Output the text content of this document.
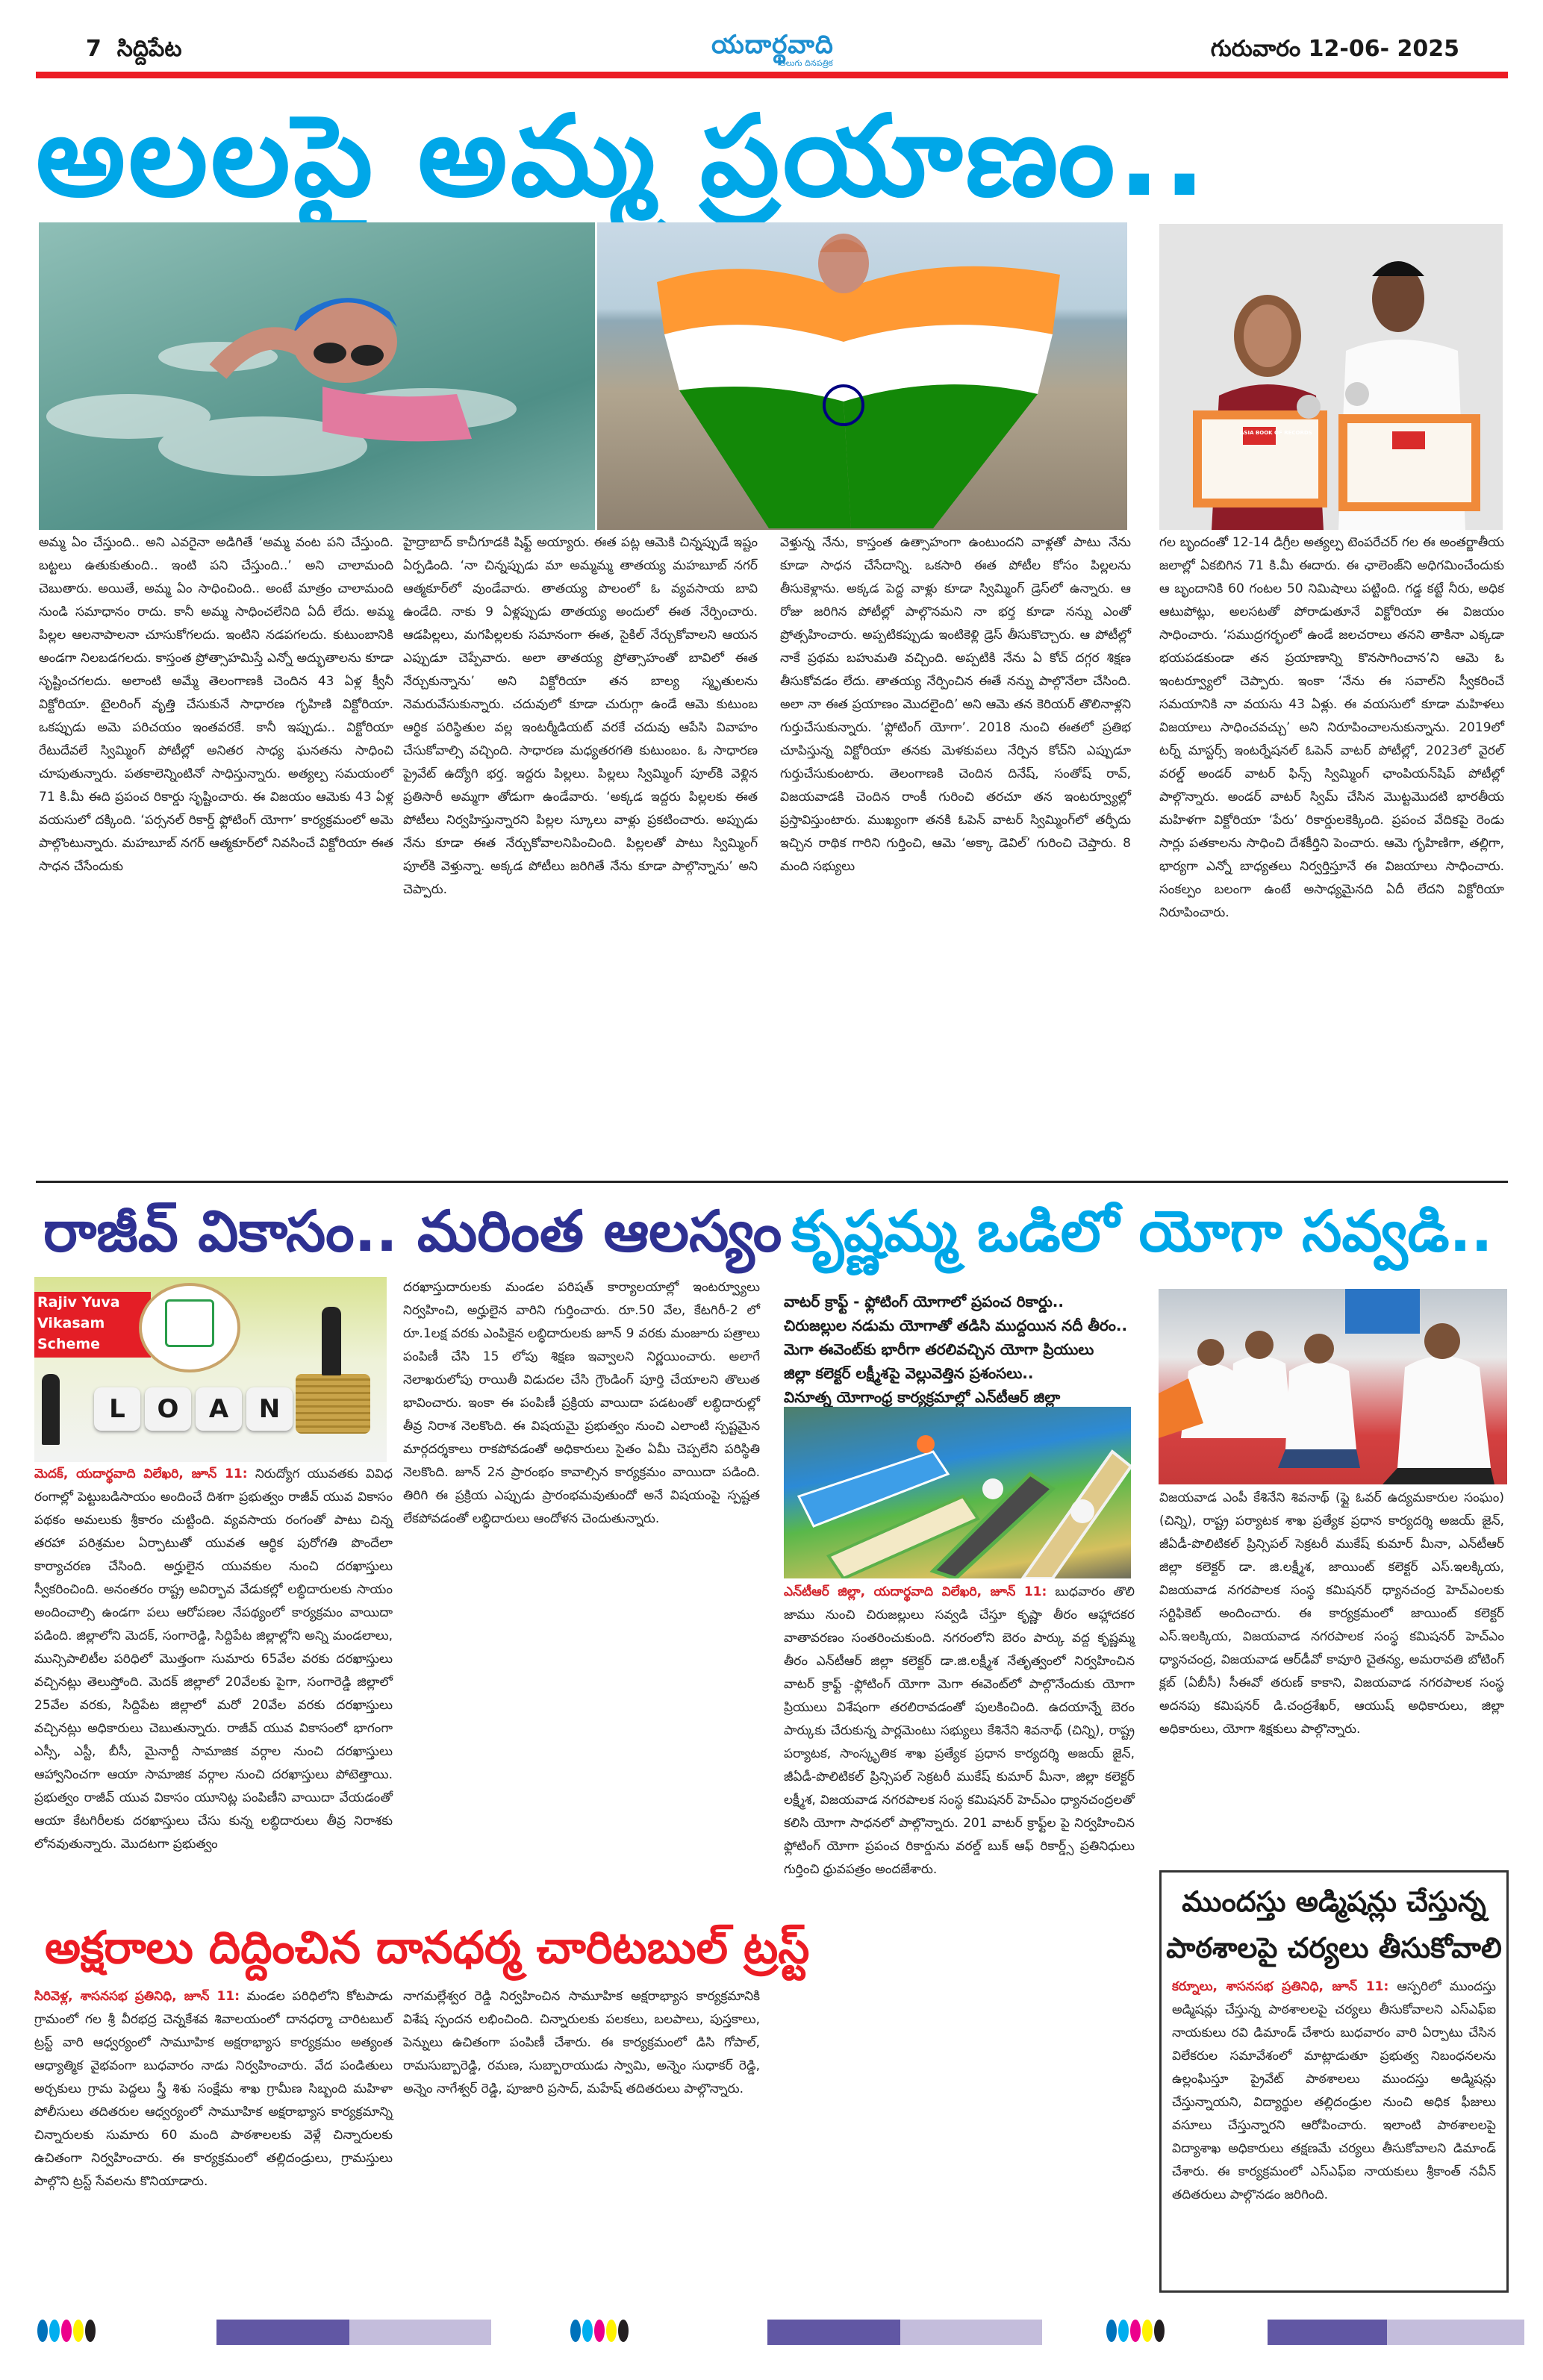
7 సిద్దిపేట	యదార్థవాది
తెలుగు దినపత్రిక
గురువారం 12-06- 2025
అలలపై అమ్మ ప్రయాణం..
ASIA BOOK OF RECORDS

అమ్మ ఏం చేస్తుంది.. అని ఎవరైనా అడిగితే ‘అమ్మ వంట పని చేస్తుంది. బట్టలు ఉతుకుతుంది.. ఇంటి పని చేస్తుంది..’ అని చాలామంది చెబుతారు. అయితే, అమ్మ ఏం సాధించింది.. అంటే మాత్రం చాలామంది నుండి సమాధానం రాదు. కానీ అమ్మ సాధించలేనిది ఏదీ లేదు. అమ్మ పిల్లల ఆలనాపాలనా చూసుకోగలదు. ఇంటిని నడపగలదు. కుటుంబానికి అండగా నిలబడగలదు. కాస్తంత ప్రోత్సాహమిస్తే ఎన్నో అద్భుతాలను కూడా సృష్టించగలదు. అలాంటి అమ్మే తెలంగాణకి చెందిన 43 ఏళ్ల క్వీనీ విక్టోరియా. టైలరింగ్ వృత్తి చేసుకునే సాధారణ గృహిణి విక్టోరియా. ఒకప్పుడు అమె పరిచయం ఇంతవరకే. కానీ ఇప్పుడు.. విక్టోరియా రేటుదేవలే స్విమ్మింగ్ పోటీల్లో అనితర సాధ్య ఘనతను సాధించి చూపుతున్నారు. పతకాలెన్నింటినో సాధిస్తున్నారు. అత్యల్ప సమయంలో 71 కి.మీ ఈది ప్రపంచ రికార్డు సృష్టించారు. ఈ విజయం ఆమెకు 43 ఏళ్ల వయసులో దక్కింది. ‘పర్సనల్ రికార్డ్ ఫ్లోటింగ్ యోగా’ కార్యక్రమంలో అమె పాల్గొంటున్నారు. మహబూబ్ నగర్ ఆత్మకూర్‌లో నివసించే విక్టోరియా ఈత సాధన చేసేందుకు

హైద్రాబాద్ కాచీగూడకి షిఫ్ట్ అయ్యారు. ఈత పట్ల ఆమెకి చిన్నప్పుడే ఇష్టం ఏర్పడింది. ‘నా చిన్నప్పుడు మా అమ్మమ్మ తాతయ్య మహబూబ్ నగర్ ఆత్మకూర్‌లో వుండేవారు. తాతయ్య పొలంలో ఓ వ్యవసాయ బావి ఉండేది. నాకు 9 ఏళ్లప్పుడు తాతయ్య అందులో ఈత నేర్పించారు. ఆడపిల్లలు, మగపిల్లలకు సమానంగా ఈత, సైకిల్ నేర్చుకోవాలని ఆయన ఎప్పుడూ చెప్పేవారు. అలా తాతయ్య ప్రోత్సాహంతో బావిలో ఈత నేర్చుకున్నాను’ అని విక్టోరియా తన బాల్య స్మృతులను నెమరువేసుకున్నారు. చదువులో కూడా చురుగ్గా ఉండే ఆమె కుటుంబ ఆర్థిక పరిస్థితుల వల్ల ఇంటర్మీడియట్ వరకే చదువు ఆపేసి వివాహం చేసుకోవాల్సి వచ్చింది. సాధారణ మధ్యతరగతి కుటుంబం. ఓ సాధారణ ప్రైవేట్ ఉద్యోగి భర్త. ఇద్దరు పిల్లలు. పిల్లలు స్విమ్మింగ్ పూల్‌కి వెళ్లిన ప్రతిసారీ అమ్మగా తోడుగా ఉండేవారు. ‘అక్కడ ఇద్దరు పిల్లలకు ఈత పోటీలు నిర్వహిస్తున్నారని పిల్లల స్కూలు వాళ్లు ప్రకటించారు. అప్పుడు నేను కూడా ఈత నేర్చుకోవాలనిపించింది. పిల్లలతో పాటు స్విమ్మింగ్ పూల్‌కి వెళ్తున్నా. అక్కడ పోటీలు జరిగితే నేను కూడా పాల్గొన్నాను’ అని చెప్పారు.

వెళ్తున్న నేను, కాస్తంత ఉత్సాహంగా ఉంటుందని వాళ్లతో పాటు నేను కూడా సాధన చేసేదాన్ని. ఒకసారి ఈత పోటీల కోసం పిల్లలను తీసుకెళ్లాను. అక్కడ పెద్ద వాళ్లు కూడా స్విమ్మింగ్ డ్రెస్‌లో ఉన్నారు. ఆ రోజు జరిగిన పోటీల్లో పాల్గొనమని నా భర్త కూడా నన్ను ఎంతో ప్రోత్సహించారు. అప్పటికప్పుడు ఇంటికెళ్లి డ్రెస్ తీసుకొచ్చారు. ఆ పోటీల్లో నాకే ప్రథమ బహుమతి వచ్చింది. అప్పటికి నేను ఏ కోచ్ దగ్గర శిక్షణ తీసుకోవడం లేదు. తాతయ్య నేర్పించిన ఈతే నన్ను పాల్గొనేలా చేసింది. అలా నా ఈత ప్రయాణం మొదలైంది’ అని ఆమె తన కెరియర్ తొలినాళ్లని గుర్తుచేసుకున్నారు. ‘ఫ్లోటింగ్ యోగా’. 2018 నుంచి ఈతలో ప్రతిభ చూపిస్తున్న విక్టోరియా తనకు మెళకువలు నేర్పిన కోచ్‌ని ఎప్పుడూ గుర్తుచేసుకుంటారు. తెలంగాణకి చెందిన దినేష్, సంతోష్ రావ్, విజయవాడకి చెందిన రాంకీ గురించి తరచూ తన ఇంటర్వ్యూల్లో ప్రస్తావిస్తుంటారు. ముఖ్యంగా తనకి ఓపెన్ వాటర్ స్విమ్మింగ్‌లో తర్ఫీదు ఇచ్చిన రాథిక గారిని గుర్తించి, ఆమె ‘అక్కా డెవిల్’ గురించి చెప్తారు. 8 మంది సభ్యులు

గల బృందంతో 12-14 డిగ్రీల అత్యల్ప టెంపరేచర్ గల ఈ అంతర్జాతీయ జలాల్లో ఏకబిగిన 71 కి.మీ ఈదారు. ఈ ఛాలెంజ్‌ని అధిగమించేందుకు ఆ బృందానికి 60 గంటల 50 నిమిషాలు పట్టింది. గడ్డ కట్టే నీరు, అధిక ఆటుపోట్లు, అలసటతో పోరాడుతూనే విక్టోరియా ఈ విజయం సాధించారు. ‘సముద్రగర్భంలో ఉండే జలచరాలు తనని తాకినా ఎక్కడా భయపడకుండా తన ప్రయాణాన్ని కొనసాగించాన’ని ఆమె ఓ ఇంటర్వ్యూలో చెప్పారు. ఇంకా ‘నేను ఈ సవాల్‌ని స్వీకరించే సమయానికి నా వయసు 43 ఏళ్లు. ఈ వయసులో కూడా మహిళలు విజయాలు సాధించవచ్చు’ అని నిరూపించాలనుకున్నాను. 2019లో టర్న్ మాస్టర్స్ ఇంటర్నేషనల్ ఓపెన్ వాటర్ పోటీల్లో, 2023లో వైరల్ వరల్డ్ అండర్ వాటర్ ఫిన్స్ స్విమ్మింగ్ ఛాంపియన్‌షిప్ పోటీల్లో పాల్గొన్నారు. అండర్ వాటర్ స్విమ్ చేసిన మొట్టమొదటి భారతీయ మహిళగా విక్టోరియా ‘పేరు’ రికార్డులకెక్కింది. ప్రపంచ వేదికపై రెండు సార్లు పతకాలను సాధించి దేశకీర్తిని పెంచారు. ఆమె గృహిణిగా, తల్లిగా, భార్యగా ఎన్నో బాధ్యతలు నిర్వర్తిస్తూనే ఈ విజయాలు సాధించారు. సంకల్పం బలంగా ఉంటే అసాధ్యమైనది ఏదీ లేదని విక్టోరియా నిరూపించారు.

రాజీవ్ వికాసం.. మరింత ఆలస్యం
Rajiv Yuva
Vikasam
Scheme
L	O	A	N

మెదక్, యదార్థవాది విలేఖరి, జూన్ 11: నిరుద్యోగ యువతకు వివిధ రంగాల్లో పెట్టుబడిసాయం అందించే దిశగా ప్రభుత్వం రాజీవ్ యువ వికాసం పథకం అమలుకు శ్రీకారం చుట్టింది. వ్యవసాయ రంగంతో పాటు చిన్న తరహా పరిశ్రమల ఏర్పాటుతో యువత ఆర్థిక పురోగతి పొందేలా కార్యాచరణ చేసింది. అర్హులైన యువకుల నుంచి దరఖాస్తులు స్వీకరించింది. అనంతరం రాష్ట్ర అవిర్భావ వేడుకల్లో లబ్ధిదారులకు సాయం అందించాల్సి ఉండగా పలు ఆరోపణల నేపథ్యంలో కార్యక్రమం వాయిదా పడింది. జిల్లాలోని మెదక్, సంగారెడ్డి, సిద్దిపేట జిల్లాల్లోని అన్ని మండలాలు, మున్సిపాలిటీల పరిధిలో మొత్తంగా సుమారు 65వేల వరకు దరఖాస్తులు వచ్చినట్లు తెలుస్తోంది. మెదక్ జిల్లాలో 20వేలకు పైగా, సంగారెడ్డి జిల్లాలో 25వేల వరకు, సిద్దిపేట జిల్లాలో మరో 20వేల వరకు దరఖాస్తులు వచ్చినట్లు అధికారులు చెబుతున్నారు. రాజీవ్ యువ వికాసంలో భాగంగా ఎస్సీ, ఎస్టీ, బీసీ, మైనార్టీ సామాజిక వర్గాల నుంచి దరఖాస్తులు ఆహ్వానించగా ఆయా సామాజిక వర్గాల నుంచి దరఖాస్తులు పోటెత్తాయి. ప్రభుత్వం రాజీవ్ యువ వికాసం యూనిట్ల పంపిణీని వాయిదా వేయడంతో ఆయా కేటగిరీలకు దరఖాస్తులు చేసు కున్న లబ్ధిదారులు తీవ్ర నిరాశకు లోనవుతున్నారు. మొదటగా ప్రభుత్వం

దరఖాస్తుదారులకు మండల పరిషత్ కార్యాలయాల్లో ఇంటర్వ్యూలు నిర్వహించి, అర్హులైన వారిని గుర్తించారు. రూ.50 వేల, కేటగిరీ-2 లో రూ.1లక్ష వరకు ఎంపికైన లబ్ధిదారులకు జూన్ 9 వరకు మంజూరు పత్రాలు పంపిణీ చేసి 15 లోపు శిక్షణ ఇవ్వాలని నిర్ణయించారు. అలాగే నెలాఖరులోపు రాయితీ విడుదల చేసి గ్రౌండింగ్ పూర్తి చేయాలని తొలుత భావించారు. ఇంకా ఈ పంపిణీ ప్రక్రియ వాయిదా పడటంతో లబ్ధిదారుల్లో తీవ్ర నిరాశ నెలకొంది. ఈ విషయమై ప్రభుత్వం నుంచి ఎలాంటి స్పష్టమైన మార్గదర్శకాలు రాకపోవడంతో అధికారులు సైతం ఏమీ చెప్పలేని పరిస్థితి నెలకొంది. జూన్ 2న ప్రారంభం కావాల్సిన కార్యక్రమం వాయిదా పడింది. తిరిగి ఈ ప్రక్రియ ఎప్పుడు ప్రారంభమవుతుందో అనే విషయంపై స్పష్టత లేకపోవడంతో లబ్ధిదారులు ఆందోళన చెందుతున్నారు.

అక్షరాలు దిద్దించిన దానధర్మ చారిటబుల్ ట్రస్ట్

సిరివెళ్ల, శాసనసభ ప్రతినిధి, జూన్ 11: మండల పరిధిలోని కోటపాడు గ్రామంలో గల శ్రీ వీరభద్ర చెన్నకేశవ శివాలయంలో దానధర్మా చారిటబుల్ ట్రస్ట్ వారి ఆధ్వర్యంలో సామూహిక అక్షరాభ్యాస కార్యక్రమం అత్యంత ఆధ్యాత్మిక వైభవంగా బుధవారం నాడు నిర్వహించారు. వేద పండితులు అర్చకులు గ్రామ పెద్దలు స్త్రీ శిశు సంక్షేమ శాఖ గ్రామీణ సిబ్బంది మహిళా పోలీసులు తదితరుల ఆధ్వర్యంలో సామూహిక అక్షరాభ్యాస కార్యక్రమాన్ని చిన్నారులకు సుమారు 60 మంది పాఠశాలలకు వెళ్లే చిన్నారులకు ఉచితంగా నిర్వహించారు. ఈ కార్యక్రమంలో తల్లిదండ్రులు, గ్రామస్తులు పాల్గొని ట్రస్ట్ సేవలను కొనియాడారు.

నాగమల్లేశ్వర రెడ్డి నిర్వహించిన సామూహిక అక్షరాభ్యాస కార్యక్రమానికి విశేష స్పందన లభించింది. చిన్నారులకు పలకలు, బలపాలు, పుస్తకాలు, పెన్నులు ఉచితంగా పంపిణీ చేశారు. ఈ కార్యక్రమంలో డిసి గోపాల్, రామసుబ్బారెడ్డి, రమణ, సుబ్బారాయుడు స్వామి, అన్నెం సుధాకర్ రెడ్డి, అన్నెం నాగేశ్వర్ రెడ్డి, పూజారి ప్రసాద్, మహేష్ తదితరులు పాల్గొన్నారు.

కృష్ణమ్మ ఒడిలో యోగా సవ్వడి..
వాటర్ క్రాఫ్ట్ - ఫ్లోటింగ్ యోగాలో ప్రపంచ రికార్డు..
చిరుజల్లుల నడుమ యోగాతో తడిసి ముద్దయిన నదీ తీరం..
మెగా ఈవెంట్‌కు భారీగా తరలివచ్చిన యోగా ప్రియులు
జిల్లా కలెక్టర్ లక్ష్మీశపై వెల్లువెత్తిన ప్రశంసలు..
వినూత్న యోగాంధ్ర కార్యక్రమాల్లో ఎన్‌టీఆర్ జిల్లా

ఎన్‌టీఆర్ జిల్లా, యదార్థవాది విలేఖరి, జూన్ 11: బుధవారం తొలి జాము నుంచి చిరుజల్లులు సవ్వడి చేస్తూ కృష్ణా తీరం ఆహ్లాదకర వాతావరణం సంతరించుకుంది. నగరంలోని బెరం పార్కు వద్ద కృష్ణమ్మ తీరం ఎన్‌టీఆర్ జిల్లా కలెక్టర్ డా.జి.లక్ష్మీశ నేతృత్వంలో నిర్వహించిన వాటర్ క్రాఫ్ట్ -ఫ్లోటింగ్ యోగా మెగా ఈవెంట్‌లో పాల్గొనేందుకు యోగా ప్రియులు విశేషంగా తరలిరావడంతో పులకించింది. ఉదయాన్నే బెరం పార్కుకు చేరుకున్న పార్లమెంటు సభ్యులు కేశినేని శివనాథ్ (చిన్ని), రాష్ట్ర పర్యాటక, సాంస్కృతిక శాఖ ప్రత్యేక ప్రధాన కార్యదర్శి అజయ్ జైన్, జీఏడీ-పొలిటికల్ ప్రిన్సిపల్ సెక్రటరీ ముకేష్ కుమార్ మీనా, జిల్లా కలెక్టర్ లక్ష్మీశ, విజయవాడ నగరపాలక సంస్థ కమిషనర్ హెచ్ఎం ధ్యానచంద్రలతో కలిసి యోగా సాధనలో పాల్గొన్నారు. 201 వాటర్ క్రాఫ్ట్‌ల పై నిర్వహించిన ఫ్లోటింగ్ యోగా ప్రపంచ రికార్డును వరల్డ్ బుక్ ఆఫ్ రికార్డ్స్ ప్రతినిధులు గుర్తించి ధ్రువపత్రం అందజేశారు.

విజయవాడ ఎంపీ కేశినేని శివనాథ్ (ఫ్లై ఓవర్ ఉద్యమకారుల సంఘం) (చిన్ని), రాష్ట్ర పర్యాటక శాఖ ప్రత్యేక ప్రధాన కార్యదర్శి అజయ్ జైన్, జీఏడీ-పొలిటికల్ ప్రిన్సిపల్ సెక్రటరీ ముకేష్ కుమార్ మీనా, ఎన్‌టీఆర్ జిల్లా కలెక్టర్ డా. జి.లక్ష్మీశ, జాయింట్ కలెక్టర్ ఎస్.ఇలక్కియ, విజయవాడ నగరపాలక సంస్థ కమిషనర్ ధ్యానచంద్ర హెచ్ఎంలకు సర్టిఫికెట్ అందించారు. ఈ కార్యక్రమంలో జాయింట్ కలెక్టర్ ఎస్.ఇలక్కియ, విజయవాడ నగరపాలక సంస్థ కమిషనర్ హెచ్ఎం ధ్యానచంద్ర, విజయవాడ ఆర్‌డీవో కావూరి చైతన్య, అమరావతి బోటింగ్ క్లబ్ (ఏబీసీ) సీఈవో తరుణ్ కాకాని, విజయవాడ నగరపాలక సంస్థ అదనపు కమిషనర్ డి.చంద్రశేఖర్, ఆయుష్ అధికారులు, జిల్లా అధికారులు, యోగా శిక్షకులు పాల్గొన్నారు.

ముందస్తు అడ్మిషన్లు చేస్తున్న పాఠశాలపై చర్యలు తీసుకోవాలి

కర్నూలు, శాసనసభ ప్రతినిధి, జూన్ 11: ఆస్పరిలో ముందస్తు అడ్మిషన్లు చేస్తున్న పాఠశాలలపై చర్యలు తీసుకోవాలని ఎస్ఎఫ్ఐ నాయకులు రవి డిమాండ్ చేశారు బుధవారం వారి ఏర్పాటు చేసిన విలేకరుల సమావేశంలో మాట్లాడుతూ ప్రభుత్వ నిబంధనలను ఉల్లంఘిస్తూ ప్రైవేట్ పాఠశాలలు ముందస్తు అడ్మిషన్లు చేస్తున్నాయని, విద్యార్థుల తల్లిదండ్రుల నుంచి అధిక ఫీజులు వసూలు చేస్తున్నారని ఆరోపించారు. ఇలాంటి పాఠశాలలపై విద్యాశాఖ అధికారులు తక్షణమే చర్యలు తీసుకోవాలని డిమాండ్ చేశారు. ఈ కార్యక్రమంలో ఎస్ఎఫ్ఐ నాయకులు శ్రీకాంత్ నవీన్ తదితరులు పాల్గొనడం జరిగింది.
